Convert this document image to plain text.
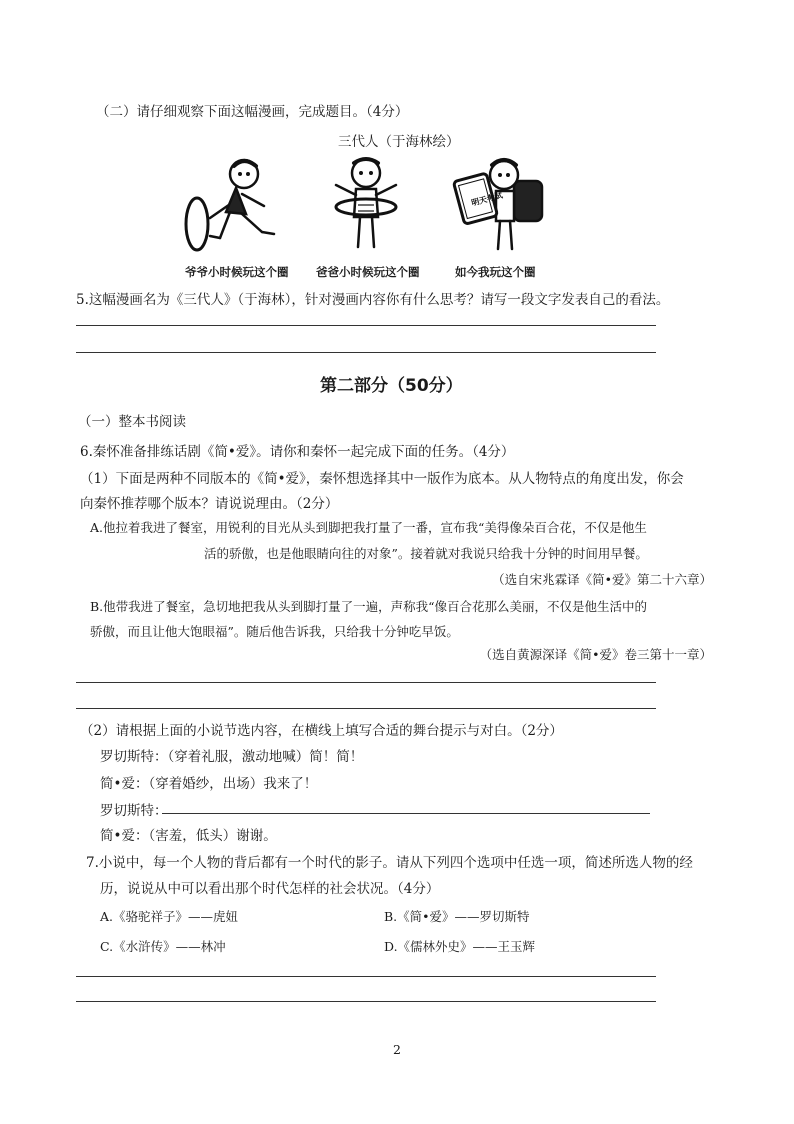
（二）请仔细观察下面这幅漫画，完成题目。（4分）
三代人（于海林绘）
明天考试
爷爷小时候玩这个圈 爸爸小时候玩这个圈	如今我玩这个圈
5.这幅漫画名为《三代人》（于海林），针对漫画内容你有什么思考？请写一段文字发表自己的看法。
第二部分（50分）
（一）整本书阅读
6.秦怀准备排练话剧《简•爱》。请你和秦怀一起完成下面的任务。（4分）
（1）下面是两种不同版本的《简•爱》，秦怀想选择其中一版作为底本。从人物特点的角度出发，你会
向秦怀推荐哪个版本？请说说理由。（2分）
A.他拉着我进了餐室，用锐利的目光从头到脚把我打量了一番，宣布我“美得像朵百合花，不仅是他生
活的骄傲，也是他眼睛向往的对象”。接着就对我说只给我十分钟的时间用早餐。
（选自宋兆霖译《简•爱》第二十六章）
B.他带我进了餐室，急切地把我从头到脚打量了一遍，声称我“像百合花那么美丽，不仅是他生活中的
骄傲，而且让他大饱眼福”。随后他告诉我，只给我十分钟吃早饭。
（选自黄源深译《简•爱》卷三第十一章）
（2）请根据上面的小说节选内容，在横线上填写合适的舞台提示与对白。（2分）
罗切斯特：（穿着礼服，激动地喊）简！简！
简•爱：（穿着婚纱，出场）我来了！
罗切斯特：
简•爱：（害羞，低头）谢谢。
7.小说中，每一个人物的背后都有一个时代的影子。请从下列四个选项中任选一项，简述所选人物的经
历，说说从中可以看出那个时代怎样的社会状况。（4分）
A.《骆驼祥子》——虎妞	B.《简•爱》——罗切斯特
C.《水浒传》——林冲	D.《儒林外史》——王玉辉
2
